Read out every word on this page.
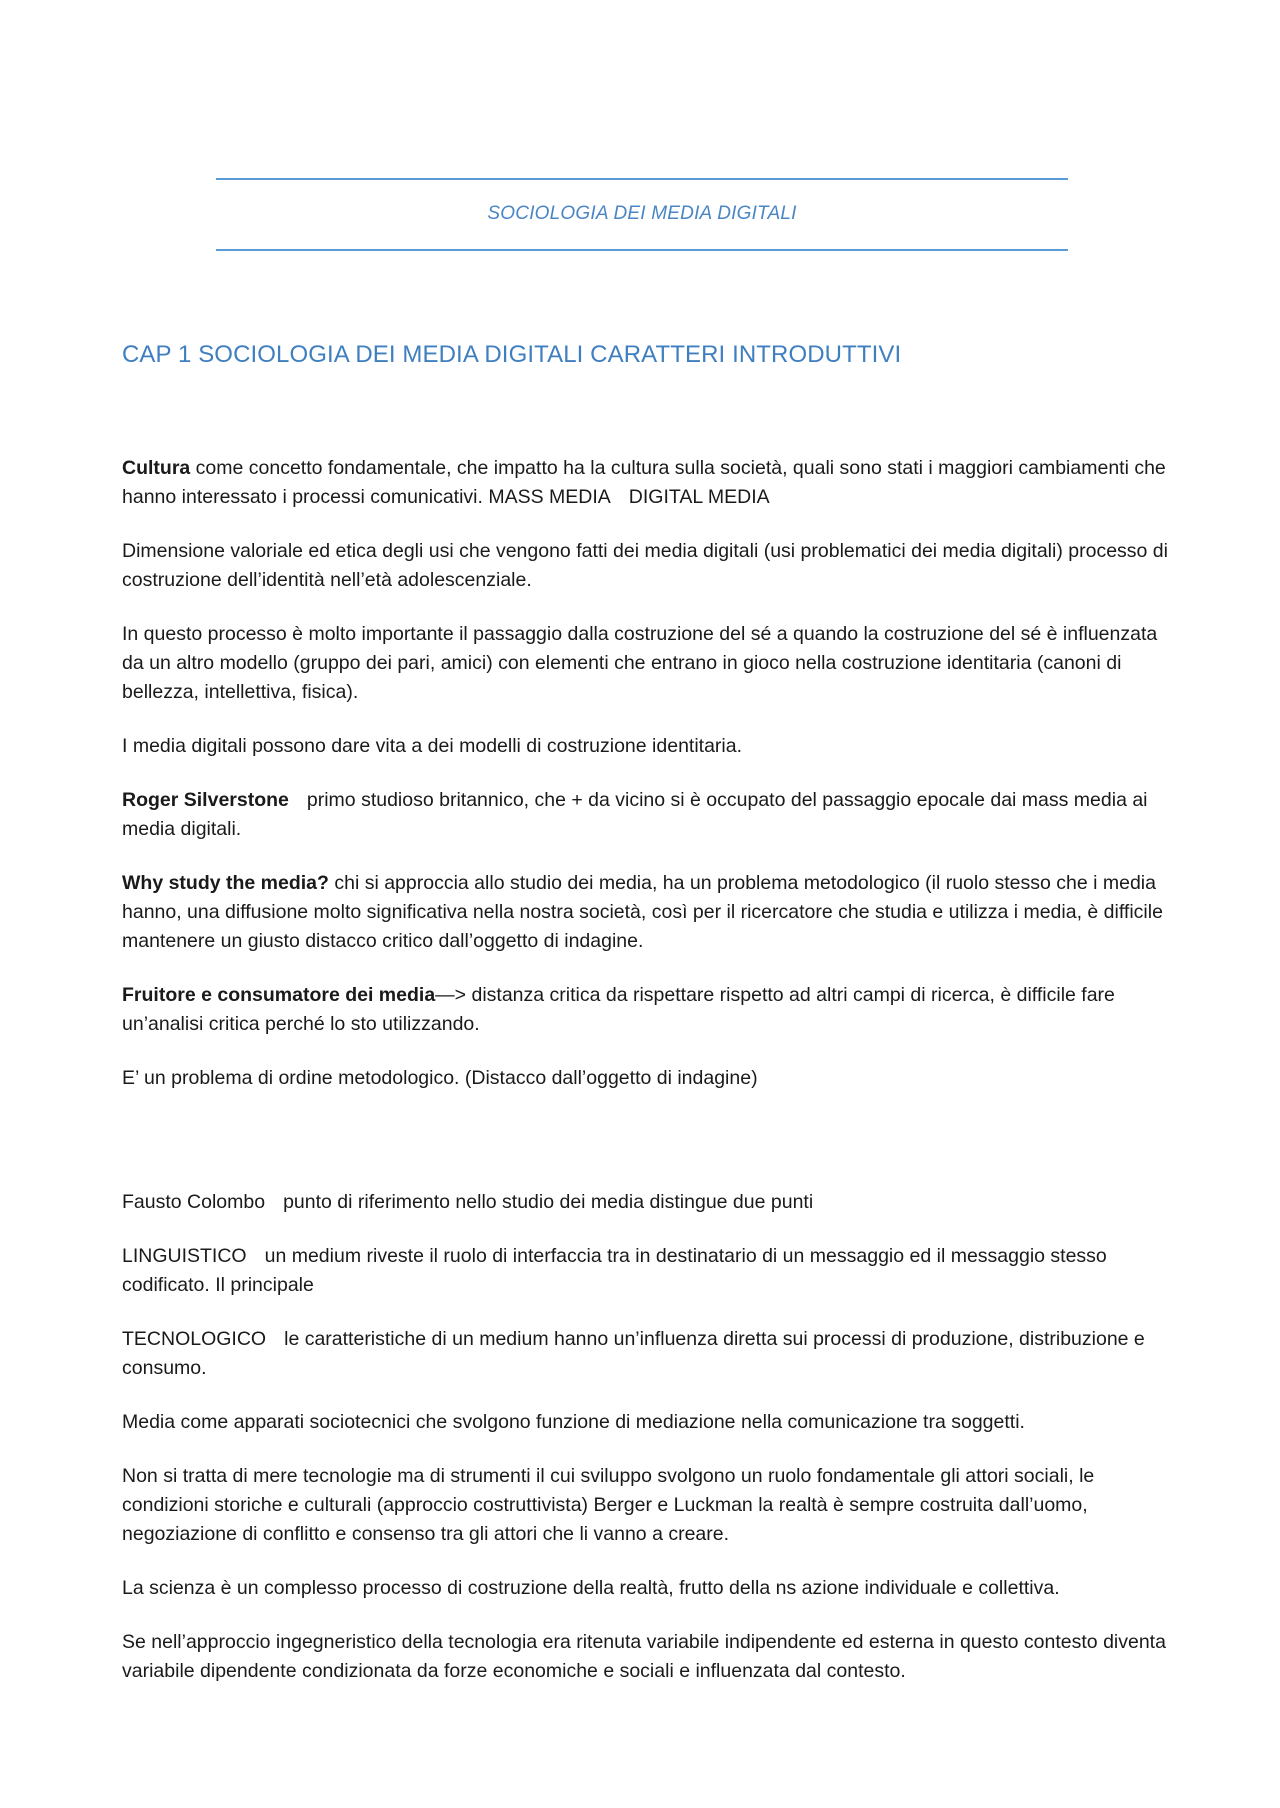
SOCIOLOGIA DEI MEDIA DIGITALI
CAP 1 SOCIOLOGIA DEI MEDIA DIGITALI CARATTERI INTRODUTTIVI

Cultura come concetto fondamentale, che impatto ha la cultura sulla società, quali sono stati i maggiori cambiamenti che hanno interessato i processi comunicativi. MASS MEDIA DIGITAL MEDIA

Dimensione valoriale ed etica degli usi che vengono fatti dei media digitali (usi problematici dei media digitali) processo di costruzione dell’identità nell’età adolescenziale.

In questo processo è molto importante il passaggio dalla costruzione del sé a quando la costruzione del sé è influenzata da un altro modello (gruppo dei pari, amici) con elementi che entrano in gioco nella costruzione identitaria (canoni di bellezza, intellettiva, fisica).

I media digitali possono dare vita a dei modelli di costruzione identitaria.

Roger Silverstone primo studioso britannico, che + da vicino si è occupato del passaggio epocale dai mass media ai media digitali.

Why study the media? chi si approccia allo studio dei media, ha un problema metodologico (il ruolo stesso che i media hanno, una diffusione molto significativa nella nostra società, così per il ricercatore che studia e utilizza i media, è difficile mantenere un giusto distacco critico dall’oggetto di indagine.

Fruitore e consumatore dei media—> distanza critica da rispettare rispetto ad altri campi di ricerca, è difficile fare un’analisi critica perché lo sto utilizzando.

E’ un problema di ordine metodologico. (Distacco dall’oggetto di indagine)

Fausto Colombo punto di riferimento nello studio dei media distingue due punti

LINGUISTICO un medium riveste il ruolo di interfaccia tra in destinatario di un messaggio ed il messaggio stesso codificato. Il principale

TECNOLOGICO le caratteristiche di un medium hanno un’influenza diretta sui processi di produzione, distribuzione e consumo.

Media come apparati sociotecnici che svolgono funzione di mediazione nella comunicazione tra soggetti.

Non si tratta di mere tecnologie ma di strumenti il cui sviluppo svolgono un ruolo fondamentale gli attori sociali, le condizioni storiche e culturali (approccio costruttivista) Berger e Luckman la realtà è sempre costruita dall’uomo, negoziazione di conflitto e consenso tra gli attori che li vanno a creare.

La scienza è un complesso processo di costruzione della realtà, frutto della ns azione individuale e collettiva.

Se nell’approccio ingegneristico della tecnologia era ritenuta variabile indipendente ed esterna in questo contesto diventa variabile dipendente condizionata da forze economiche e sociali e influenzata dal contesto.
